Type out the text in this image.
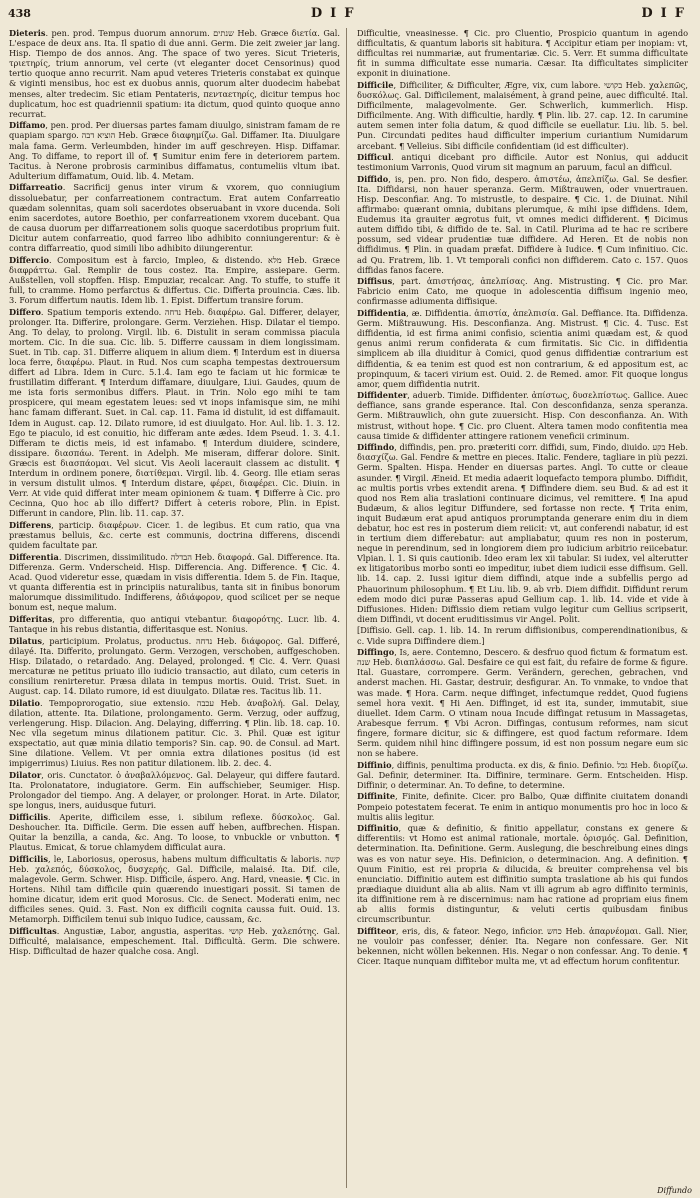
438	DIF	DIF

Dieteris. pen. prod. Tempus duorum annorum. שנתים Heb. Græce διετία. Gal. L'espace de deux ans. Ita. Il spatio di due anni. Germ. Die zeit zweier jar lang. Hisp. Tiempo de dos annos. Ang. The space of two yeres. Sicut Trieteris, τριετηρίς, trium annorum, vel certe (vt eleganter docet Censorinus) quod tertio quoque anno recurrit. Nam apud veteres Trieteris constabat ex quinque & viginti mensibus, hoc est ex duobus annis, quorum alter duodecim habebat menses, alter tredecim. Sic etiam Pentateris, πενταετηρίς, dicitur tempus hoc duplicatum, hoc est quadriennii spatium: ita dictum, quod quinto quoque anno recurrat.

Diffamo, pen. prod. Per diuersas partes famam diuulgo, sinistram famam de re quapiam spargo. הוציא דבה Heb. Græce διαφημίζω. Gal. Diffamer. Ita. Diuulgare mala fama. Germ. Verleumbden, hinder im auff geschreyen. Hisp. Diffamar. Ang. To diffame, to report ill of. ¶ Sumitur enim fere in deteriorem partem. Tacitus. à Nerone probrosis carminibus diffamatus, contumeliis vltum ibat. Adulterium diffamatum, Ouid. lib. 4. Metam.

Diffarreatio. Sacrificij genus inter virum & vxorem, quo conniugium dissoluebatur, per confarreationem contractum. Erat autem Confarreatio quædam solennitas, quam soli sacerdotes obseruabant in vxore ducenda. Soli enim sacerdotes, autore Boethio, per confarreationem vxorem ducebant. Qua de causa duorum per diffarreationem solis quoque sacerdotibus proprium fuit. Dicitur autem confarreatio, quod farreo libo adhibito conniungerentur: & è contra diffarreatio, quod simili libo adhibito diiungerentur.

Differcio. Compositum est à farcio, Impleo, & distendo. מלא Heb. Græce διαφράττω. Gal. Remplir de tous costez. Ita. Empire, assiepare. Germ. Außstellen, voll stopffen. Hisp. Empuziar, recalcar. Ang. To stuffe, to stuffe it full, to cramme. Homo perfarctus & differtus. Cic. Differta prouincia. Cæs. lib. 3. Forum differtum nautis. Idem lib. 1. Epist. Differtum transire forum.

Differo. Spatium temporis extendo. נדחה Heb. διαφέρω. Gal. Differer, delayer, prolonger. Ita. Differire, prolongare. Germ. Verziehen. Hisp. Dilatar el tiempo. Ang. To delay, to prolong. Virgil. lib. 6. Distulit in seram commissa piacula mortem. Cic. In die sua. Cic. lib. 5. Differre caussam in diem longissimam. Suet. in Tib. cap. 31. Differre aliquem in alium diem. ¶ Interdum est in diuersa loca ferre, διαφέρω. Plaut. in Rud. Nos cum scapha tempestas dextrouersum differt ad Libra. Idem in Curc. 5.1.4. Iam ego te faciam ut hic formicæ te frustillatim differant. ¶ Interdum diffamare, diuulgare, Liui. Gaudes, quum de me ista foris sermonibus differs. Plaut. in Trin. Nolo ego mihi te tam prospicere, qui meam egestatem leues: sed vt inops infamisque sim, ne mihi hanc famam differant. Suet. in Cal. cap. 11. Fama id distulit, id est diffamauit. Idem in August. cap. 12. Dilato rumore, id est diuulgato. Hor. Aul. lib. 1. 3. 12. Ego te piaculo, id est conuitio, hic differam ante ædes. Idem Pseud. 1. 3. 4.1. Differam te dictis meis, id est infamabo. ¶ Interdum diuidere, scindere, dissipare. διασπάω. Terent. in Adelph. Me miseram, differar dolore. Sinit. Græcis est διασπάομαι. Vel sicut. Vis Aeoli lacerauit classem ac distulit. ¶ Interdum in ordinem ponere, διατίθεμαι. Virgil. lib. 4. Georg. Ille etiam seras in versum distulit ulmos. ¶ Interdum distare, φέρει, διαφέρει. Cic. Diuin. in Verr. At vide quid differat inter meam opinionem & tuam. ¶ Differre à Cic. pro Cecinna, Quo hoc ab illo differt? Differt à ceteris robore, Plin. in Epist. Differunt in candore, Plin. lib. 11. cap. 37.

Differens, particip. διαφέρων. Cicer. 1. de legibus. Et cum ratio, qua vna præstamus belluis, &c. certe est communis, doctrina differens, discendi quidem facultate par.

Differentia. Discrimen, dissimilitudo. הבדלה Heb. διαφορά. Gal. Difference. Ita. Differenza. Germ. Vnderscheid. Hisp. Differencia. Ang. Difference. ¶ Cic. 4. Acad. Quod videretur esse, quædam in visis differentia. Idem 5. de Fin. Itaque, vt quanta differentia est in principiis naturalibus, tanta sit in finibus bonorum malorumque dissimilitudo. Indifferens, ἀδιάφορον, quod scilicet per se neque bonum est, neque malum.

Differitas, pro differentia, quo antiqui vtebantur. διαφορότης. Lucr. lib. 4. Tantaque in his rebus distantia, differitasque est. Nonius.

Dilatus, participium. Prolatus, productus. נדחה Heb. διάφορος. Gal. Differé, dilayé. Ita. Differito, prolungato. Germ. Verzogen, verschoben, auffgeschoben. Hisp. Dilatado, o retardado. Ang. Delayed, prolonged. ¶ Cic. 4. Verr. Quasi mercaturæ ne petitus priuato illo iudicio transactio, aut dilato, cum ceteris in consilium renirteretur. Præsa dilata in tempus mortis. Ouid. Trist. Suet. in August. cap. 14. Dilato rumore, id est diuulgato. Dilatæ res. Tacitus lib. 11.

Dilatio. Tempoprorogatio, siue extensio. עכבה Heb. ἀναβολή. Gal. Delay, dilation, attente. Ita. Dilatione, prolongamento. Germ. Verzug, oder auffzug, verlengerung. Hisp. Dilacion. Ang. Delaying, differring. ¶ Plin. lib. 18. cap. 10. Nec vlla segetum minus dilationem patitur. Cic. 3. Phil. Quæ est igitur exspectatio, aut quæ minia dilatio temporis? Sin. cap. 90. de Consul. ad Mart. Sine dilatione. Vellem. Vt per omnia extra dilationes positus (id est impigerrimus) Liuius. Res non patitur dilationem. lib. 2. dec. 4.

Dilator, oris. Cunctator. ὁ ἀναβαλλόμενος. Gal. Delayeur, qui differe fautard. Ita. Prolonatatore, indugiatore. Germ. Ein auffschieber, Seumiger. Hisp. Prolongador del tiempo. Ang. A delayer, or prolonger. Horat. in Arte. Dilator, spe longus, iners, auidusque futuri.

Difficilis. Aperite, difficilem esse, i. sibilum reflexe. δύσκολος. Gal. Deshoucher. Ita. Difficile. Germ. Die essen auff heben, auffbrechen. Hispan. Quitar la benzilla, a canda, &c. Ang. To loose, to vnbuckle or vnbutton. ¶ Plautus. Emicat, & torue chlamydem difficulat aura.

Difficilis, le, Laboriosus, operosus, habens multum difficultatis & laboris. קשה Heb. χαλεπός, δύσκολος, δυσχερής. Gal. Difficile, malaisé. Ita. Dif. cile, malagevole. Germ. Schwer. Hisp. Difficile, áspero. Ang. Hard, vneasie. ¶ Cic. in Hortens. Nihil tam difficile quin quærendo inuestigari possit. Si tamen de homine dicatur, idem erit quod Morosus. Cic. de Senect. Moderati enim, nec difficiles senes. Quid. 3. Fast. Non ex difficili cognita caussa fuit. Ouid. 13. Metamorph. Difficilem tenui sub iniquo Iudice, caussam, &c.

Difficultas. Angustiæ, Labor, angustia, asperitas. קושי Heb. χαλεπότης. Gal. Difficulté, malaisance, empeschement. Ital. Difficultà. Germ. Die schwere. Hisp. Difficultad de hazer qualche cosa. Angl.

Difficultie, vneasinesse. ¶ Cic. pro Cluentio, Prospicio quantum in agendo difficultatis, & quantum laboris sit habitura. ¶ Accipitur etiam per inopiam: vt, difficultas rei nummariæ, aut frumentariæ. Cic. 5. Verr. Et summa difficultate fit in summa difficultate esse numaria. Cæsar. Ita difficultates simpliciter exponit in diuinatione.

Difficile, Difficiliter, & Difficulter, Ægre, vix, cum labore. בקושי Heb. χαλεπῶς, δυσκόλως. Gal. Difficilement, malaisément, à grand peine, auec difficulté. Ital. Difficilmente, malagevolmente. Ger. Schwerlich, kummerlich. Hisp. Difficilmente. Ang. With difficultie, hardly. ¶ Plin. lib. 27. cap. 12. In carumine autem semen inter folia datum, & quod difficile se euellatur. Liu. lib. 5. bel. Pun. Circundati pedites haud difficulter imperium curiantium Numidarum arcebant. ¶ Velleius. Sibi difficile confidentiam (id est difficulter).

Difficul. antiqui dicebant pro difficile. Autor est Nonius, qui adducit testimonium Varronis, Quod virum sit magnum an paruum, facul an difficul.

Diffido, is, pen. pro. Non fido, despero. ἀπιστέω, ἀπελπίζω. Gal. Se desfier. Ita. Diffidarsi, non hauer speranza. Germ. Mißtrauwen, oder vnuertrauen. Hisp. Desconfiar. Ang. To mistrustle, to despaire. ¶ Cic. 1. de Diuinat. Nihil affirmabo: quærant omnia, dubitans plerumque, & mihi ipse diffidens. Idem, Eudemus ita grauiter ægrotus fuit, vt omnes medici diffiderent. ¶ Dicimus autem diffido tibi, & diffido de te. Sal. in Catil. Plurima ad te hac re scribere possum, sed videar prudentiæ tuæ diffidere. Ad Heren. Et de nobis non diffidimus. ¶ Plin. in quadam præfat. Diffidere à Iudice. ¶ Cum infinitiuo. Cic. ad Qu. Fratrem, lib. 1. Vt temporali confici non diffiderem. Cato c. 157. Quos diffidas fanos facere.

Diffisus, part. ἀπιστήσας, ἀπελπίσας. Ang. Mistrusting. ¶ Cic. pro Mar. Fabricio enim Cato, me quoque in adolescentia diffisum ingenio meo, confirmasse adiumenta diffisique.

Diffidentia, æ. Diffidentia. ἀπιστία, ἀπελπισία. Gal. Deffiance. Ita. Diffidenza. Germ. Mißtrauwung. His. Desconfianza. Ang. Mistrust. ¶ Cic. 4. Tusc. Est diffidentia, id est firma animi confisio, scientia animi quædam est, & quod genus animi rerum confiderata & cum firmitatis. Sic Cic. in diffidentia simplicem ab illa diuiditur à Comici, quod genus diffidentiæ contrarium est diffidentia, & ea tenim est quod est non contrarium, & ed appositum est, ac propinquum, & taceri virium est. Ouid. 2. de Remed. amor. Fit quoque longus amor, quem diffidentia nutrit.

Diffidenter, aduerb. Timide. Diffidenter. ἀπίστως, δυσελπίστως. Gallice. Auec deffiance, sans grande esperance. Ital. Con desconfidanza, senza speranza. Germ. Mißtrauwlich, ohn gute zuuersicht. Hisp. Con desconfianza. An. With mistrust, without hope. ¶ Cic. pro Cluent. Altera tamen modo confitentia mea causa timide & diffidenter attingere rationem veneficii criminum.

Diffindo, diffindis, pen. pro. præteriti corr. diffidi, sum, Findo, diuido. בקע Heb. διασχίζω. Gal. Fendre & mettre en pieces. Italic. Fendere, tagliare in più pezzi. Germ. Spalten. Hispa. Hender en diuersas partes. Angl. To cutte or cleaue asunder. ¶ Virgil. Æneid. Et media adaerit loquefacto tempora plumbo. Diffidit, ac multis portis vrbes extendit arena. ¶ Diffindere diem. seu Bud. & ad est it quod nos Rem alia traslationi continuare dicimus, vel remittere. ¶ Ina apud Budæum, & alios legitur Diffundere, sed fortasse non recte. ¶ Trita enim, inquit Budæum erat apud antiquos prorumptanda generare enim diu in diem debatur, hoc est res in posterum diem reiicit: vt, aut conferendi nabatur, id est in tertium diem differebatur: aut ampliabatur, quum res non in posterum, neque in perendinum, sed in longiorem diem pro iudicium arbitrio reiicebatur. Vlpian. l. 1. Si quis cautionib. Ideo eram lex xii tabular. Si iudex, vel alterutter ex litigatoribus morbo sonti eo impeditur, iubet diem iudicii esse diffisum. Gell. lib. 14. cap. 2. Iussi igitur diem diffindi, atque inde a subfellis pergo ad Phauorinum philosophum. ¶ Et Liu. lib. 9. ab vrb. Diem diffidit. Diffidunt rerum edem modo dici puræ Passeras apud Gellium cap. 1. lib. 14. vide et vide à Diffusiones. Hiden: Diffissio diem retiam vulgo legitur cum Gellius scripserit, diem Diffindi, vt docent eruditissimus vir Angel. Polit.

[Diffisio. Gell. cap. 1. lib. 14. In rerum diffisionibus, comperendinationibus, & c. Vide supra Diffindere diem.]

Diffingo, Is, aere. Contemno, Descero. & desfruo quod fictum & formatum est. שנה Heb. διαπλάσσω. Gal. Desfaire ce qui est fait, du refaire de forme & figure. Ital. Guastare, corrompere. Germ. Verändern, gerechen, gebrachen, vnd anderst machen. Hi. Gastar, destruir, desfigurar. An. To vnmake, to vndoe that was made. ¶ Hora. Carm. neque diffinget, infectumque reddet, Quod fugiens semel hora vexit. ¶ Hi Aen. Diffinget, id est ita, sunder, immutabit, siue diuellet. Idem Carm. O vtinam noua Incude diffingat retusum in Massagetas, Arabesque ferrum. ¶ Vbi Acron. Diffingas, contusum reformes, nam sicut fingere, formare dicitur, sic & diffingere, est quod factum reformare. Idem Serm. quidem nihil hinc diffingere possum, id est non possum negare eum sic non se habere.

Diffinio, diffinis, penultima producta. ex dis, & finio. Definio. גבל Heb. διορίζω. Gal. Definir, determiner. Ita. Diffinire, terminare. Germ. Entscheiden. Hisp. Diffinir, o determinar. An. To define, to determine.

Diffinite, Finite, definite. Cicer. pro Balbo, Quæ diffinite ciuitatem donandi Pompeio potestatem fecerat. Te enim in antiquo monumentis pro hoc in loco & multis aliis legitur.

Diffinitio, quæ & definitio, & finitio appellatur, constans ex genere & differentiis: vt Homo est animal rationale, mortale. ὁρισμός. Gal. Definition, determination. Ita. Definitione. Germ. Auslegung, die beschreibung eines dings was es von natur seye. His. Definicion, o determinacion. Ang. A definition. ¶ Quum Finitio, est rei propria & dilucida, & breuiter comprehensa vel bis enunciatio. Diffinitio autem est diffinitio sumpta traslatione ab his qui fundos prædiaque diuidunt alia ab aliis. Nam vt illi agrum ab agro diffinito terminis, ita diffinitione rem à re discernimus: nam hac ratione ad propriam eius finem ab aliis formis distinguntur, & veluti certis quibusdam finibus circumscribuntur.

Diffiteor, eris, dis, & fateor. Nego, inficior. כחש Heb. ἀπαρνέομαι. Gall. Nier, ne vouloir pas confesser, dénier. Ita. Negare non confessare. Ger. Nit bekennen, nicht wöllen bekennen. His. Negar o non confessar. Ang. To denie. ¶ Cicer. Itaque nunquam diffitebor multa me, vt ad effectum horum confitentur.

Diffundo
